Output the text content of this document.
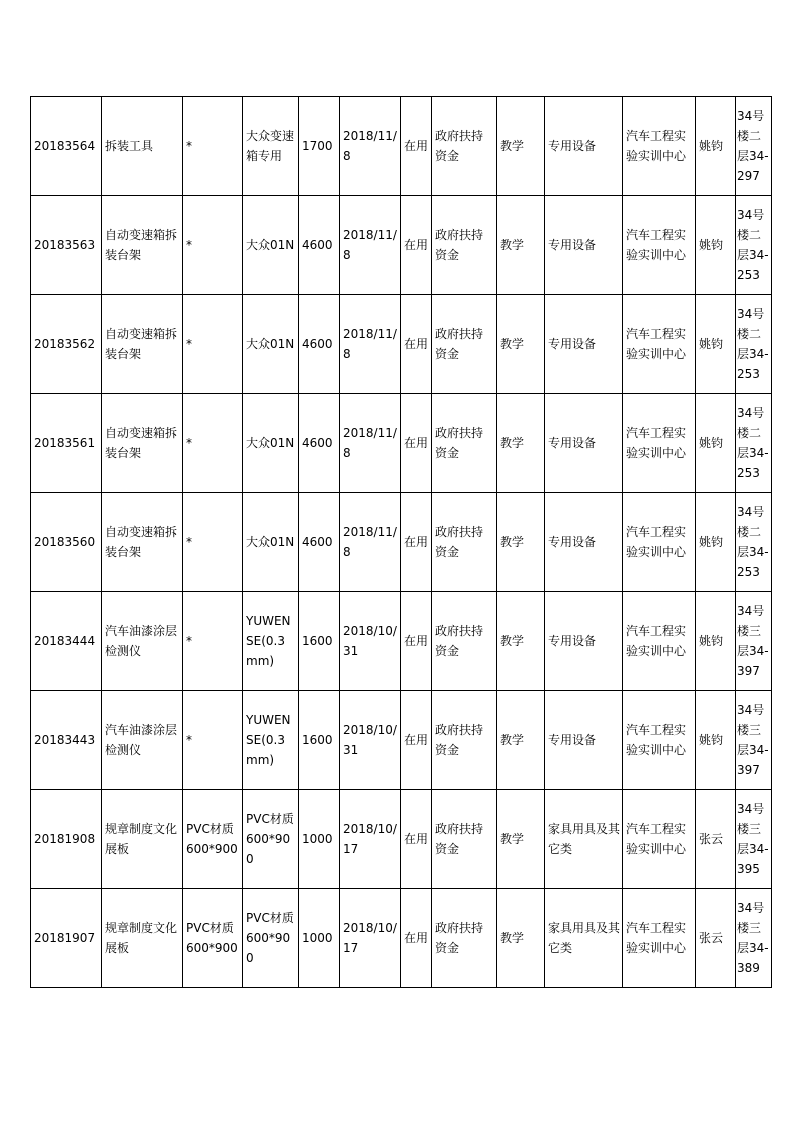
20183564	拆装工具	*	大众变速箱专用	1700	2018/11/8	在用	政府扶持资金	教学	专用设备	汽车工程实验实训中心	姚钧	34号楼二层34-297

20183563	自动变速箱拆装台架	*	大众01N	4600	2018/11/8	在用	政府扶持资金	教学	专用设备	汽车工程实验实训中心	姚钧	34号楼二层34-253

20183562	自动变速箱拆装台架	*	大众01N	4600	2018/11/8	在用	政府扶持资金	教学	专用设备	汽车工程实验实训中心	姚钧	34号楼二层34-253

20183561	自动变速箱拆装台架	*	大众01N	4600	2018/11/8	在用	政府扶持资金	教学	专用设备	汽车工程实验实训中心	姚钧	34号楼二层34-253

20183560	自动变速箱拆装台架	*	大众01N	4600	2018/11/8	在用	政府扶持资金	教学	专用设备	汽车工程实验实训中心	姚钧	34号楼二层34-253

20183444	汽车油漆涂层检测仪	*	YUWENSE(0.3mm)	1600	2018/10/31	在用	政府扶持资金	教学	专用设备	汽车工程实验实训中心	姚钧	34号楼三层34-397

20183443	汽车油漆涂层检测仪	*	YUWENSE(0.3mm)	1600	2018/10/31	在用	政府扶持资金	教学	专用设备	汽车工程实验实训中心	姚钧	34号楼三层34-397

20181908	规章制度文化展板	PVC材质600*900	PVC材质600*900	1000	2018/10/17	在用	政府扶持资金	教学	家具用具及其它类	汽车工程实验实训中心	张云	34号楼三层34-395

20181907	规章制度文化展板	PVC材质600*900	PVC材质600*900	1000	2018/10/17	在用	政府扶持资金	教学	家具用具及其它类	汽车工程实验实训中心	张云	34号楼三层34-389
